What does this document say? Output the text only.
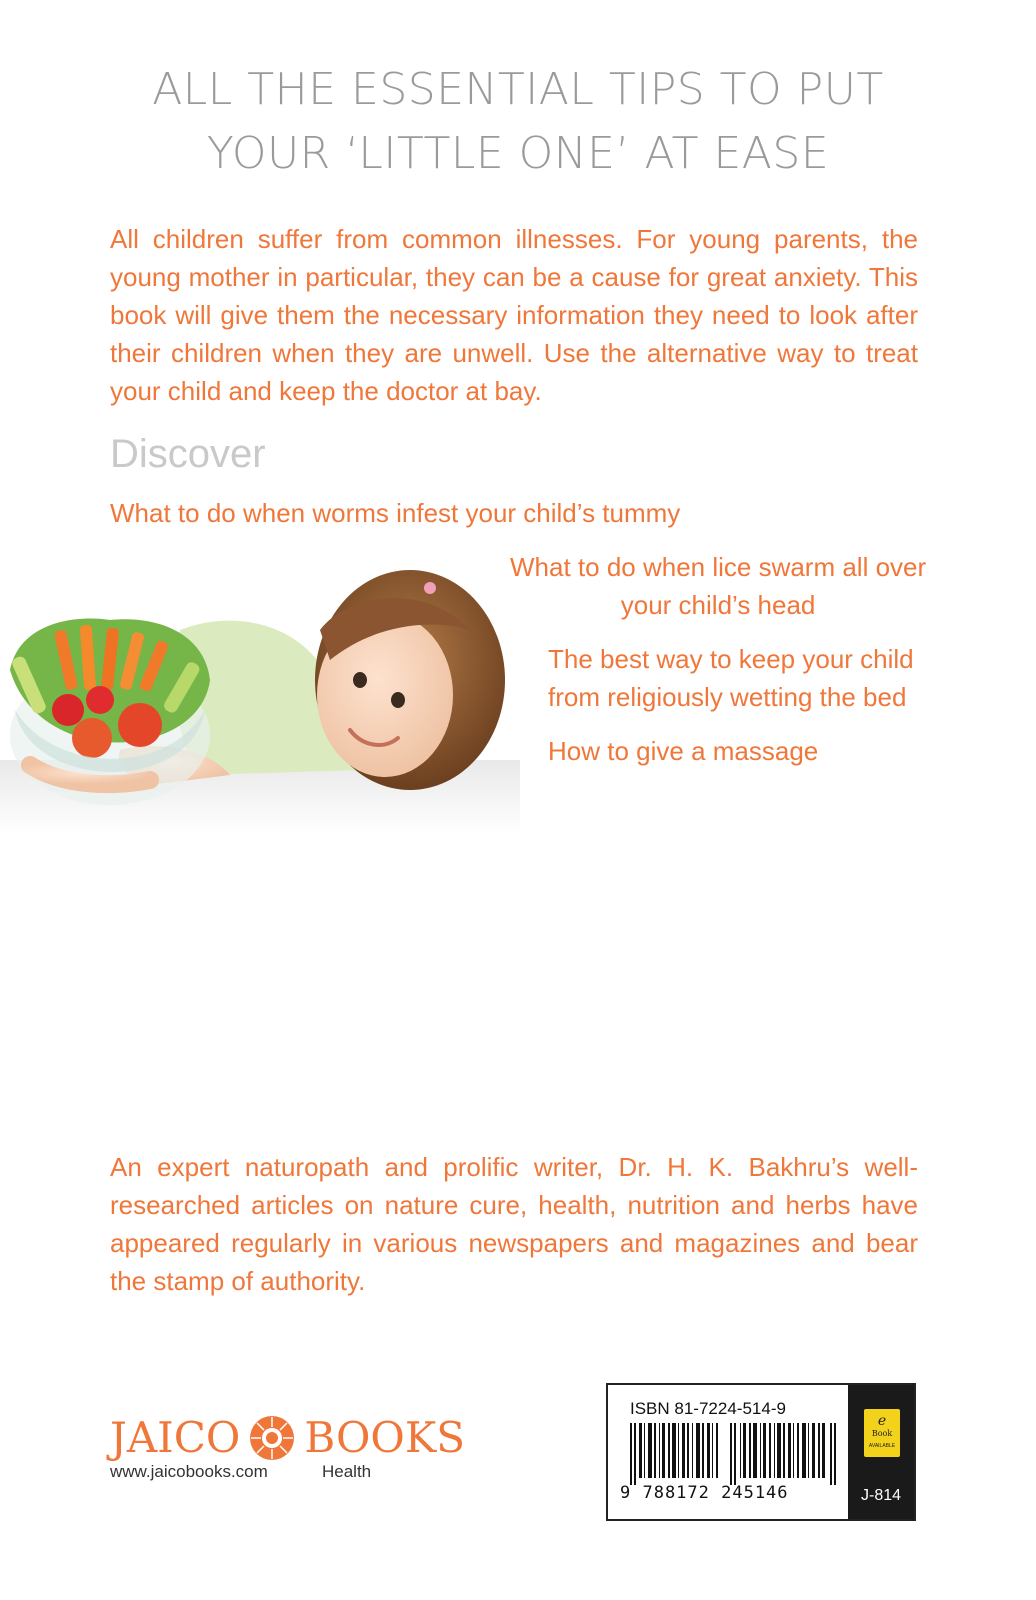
ALL THE ESSENTIAL TIPS TO PUT
YOUR ‘LITTLE ONE’ AT EASE

All children suffer from common illnesses. For young parents, the young mother in particular, they can be a cause for great anxiety. This book will give them the necessary information they need to look after their children when they are unwell. Use the alternative way to treat your child and keep the doctor at bay.

Discover
What to do when worms infest your child’s tummy
What to do when lice swarm all over
your child’s head
The best way to keep your child
from religiously wetting the bed
How to give a massage

An expert naturopath and prolific writer, Dr. H. K. Bakhru’s well-researched articles on nature cure, health, nutrition and herbs have appeared regularly in various newspapers and magazines and bear the stamp of authority.

JAICO BOOKS
www.jaicobooks.com	Health
ISBN 81-7224-514-9
9 788172 245146
e
Book
AVAILABLE
J-814
